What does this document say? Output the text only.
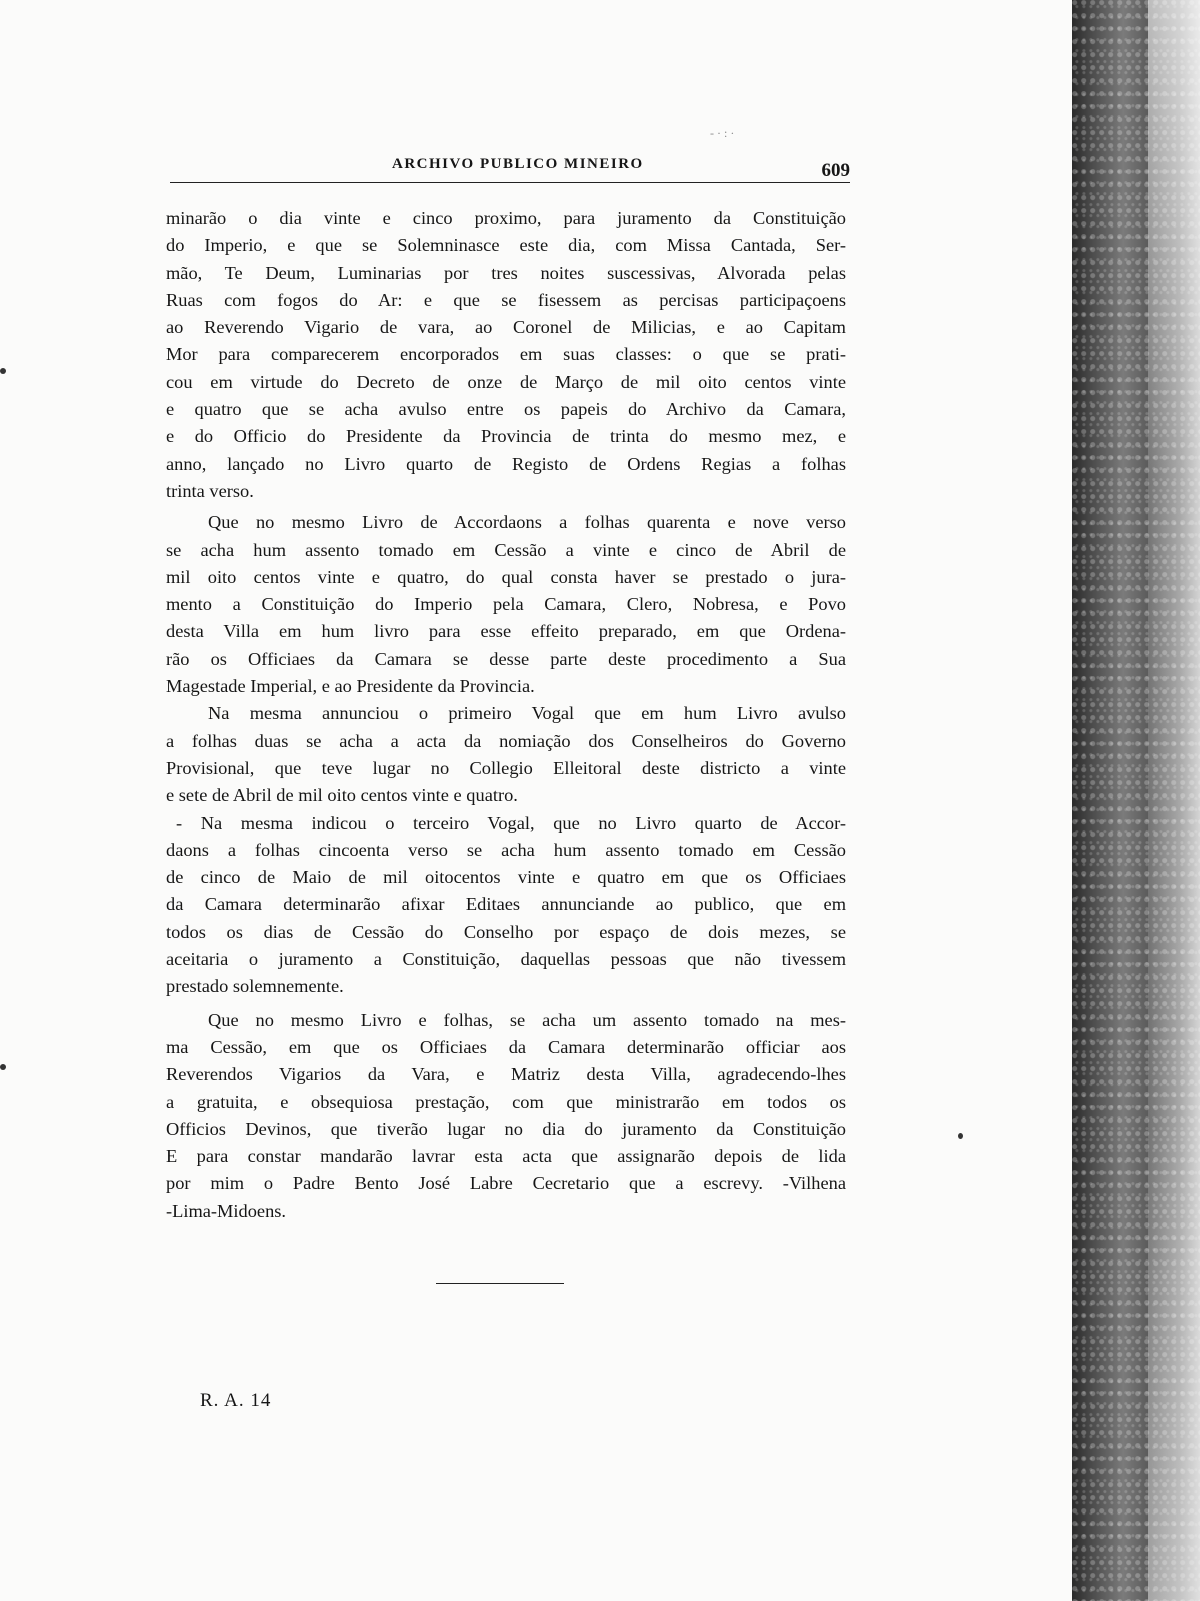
-·:·
ARCHIVO PUBLICO MINEIRO	609
minarão o dia vinte e cinco proximo, para juramento da Constituição
do Imperio, e que se Solemninasce este dia, com Missa Cantada, Ser-
mão, Te Deum, Luminarias por tres noites suscessivas, Alvorada pelas
Ruas com fogos do Ar: e que se fisessem as percisas participaçoens
ao Reverendo Vigario de vara, ao Coronel de Milicias, e ao Capitam
Mor para comparecerem encorporados em suas classes: o que se prati-
cou em virtude do Decreto de onze de Março de mil oito centos vinte
e quatro que se acha avulso entre os papeis do Archivo da Camara,
e do Officio do Presidente da Provincia de trinta do mesmo mez, e
anno, lançado no Livro quarto de Registo de Ordens Regias a folhas
trinta verso.
Que no mesmo Livro de Accordaons a folhas quarenta e nove verso
se acha hum assento tomado em Cessão a vinte e cinco de Abril de
mil oito centos vinte e quatro, do qual consta haver se prestado o jura-
mento a Constituição do Imperio pela Camara, Clero, Nobresa, e Povo
desta Villa em hum livro para esse effeito preparado, em que Ordena-
rão os Officiaes da Camara se desse parte deste procedimento a Sua
Magestade Imperial, e ao Presidente da Provincia.
Na mesma annunciou o primeiro Vogal que em hum Livro avulso
a folhas duas se acha a acta da nomiação dos Conselheiros do Governo
Provisional, que teve lugar no Collegio Elleitoral deste districto a vinte
e sete de Abril de mil oito centos vinte e quatro.
- Na mesma indicou o terceiro Vogal, que no Livro quarto de Accor-
daons a folhas cincoenta verso se acha hum assento tomado em Cessão
de cinco de Maio de mil oitocentos vinte e quatro em que os Officiaes
da Camara determinarão afixar Editaes annunciande ao publico, que em
todos os dias de Cessão do Conselho por espaço de dois mezes, se
aceitaria o juramento a Constituição, daquellas pessoas que não tivessem
prestado solemnemente.
Que no mesmo Livro e folhas, se acha um assento tomado na mes-
ma Cessão, em que os Officiaes da Camara determinarão officiar aos
Reverendos Vigarios da Vara, e Matriz desta Villa, agradecendo-lhes
a gratuita, e obsequiosa prestação, com que ministrarão em todos os
Officios Devinos, que tiverão lugar no dia do juramento da Constituição
E para constar mandarão lavrar esta acta que assignarão depois de lida
por mim o Padre Bento José Labre Cecretario que a escrevy. -Vilhena
-Lima-Midoens.
R. A. 14
